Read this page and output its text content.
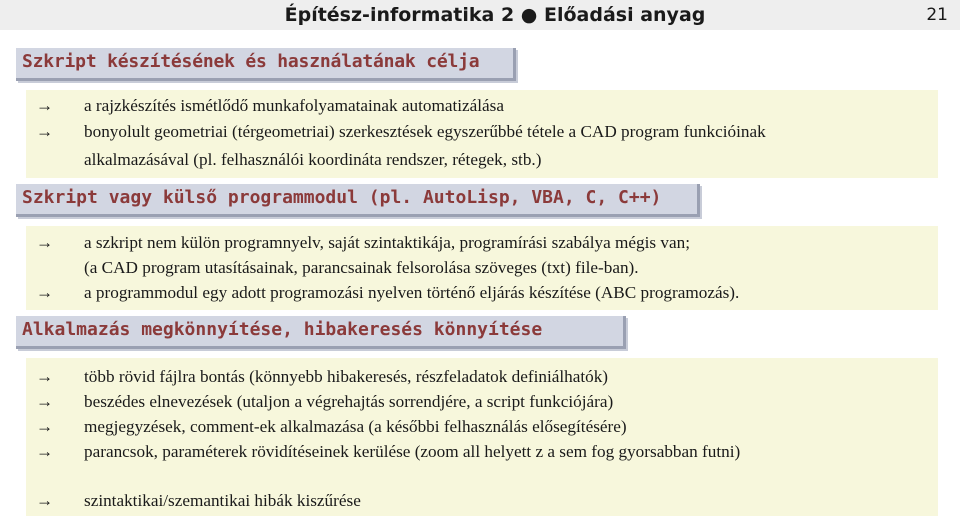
Építész-informatika 2 ● Előadási anyag	21
Szkript készítésének és használatának célja
→ a rajzkészítés ismétlődő munkafolyamatainak automatizálása
→ bonyolult geometriai (térgeometriai) szerkesztések egyszerűbbé tétele a CAD program funkcióinak
alkalmazásával (pl. felhasználói koordináta rendszer, rétegek, stb.)
Szkript vagy külső programmodul (pl. AutoLisp, VBA, C, C++)
→ a szkript nem külön programnyelv, saját szintaktikája, programírási szabálya mégis van;
(a CAD program utasításainak, parancsainak felsorolása szöveges (txt) file-ban).
→ a programmodul egy adott programozási nyelven történő eljárás készítése (ABC programozás).
Alkalmazás megkönnyítése, hibakeresés könnyítése
→ több rövid fájlra bontás (könnyebb hibakeresés, részfeladatok definiálhatók)
→ beszédes elnevezések (utaljon a végrehajtás sorrendjére, a script funkciójára)
→ megjegyzések, comment-ek alkalmazása (a későbbi felhasználás elősegítésére)
→ parancsok, paraméterek rövidítéseinek kerülése (zoom all helyett z a sem fog gyorsabban futni)
→ szintaktikai/szemantikai hibák kiszűrése
